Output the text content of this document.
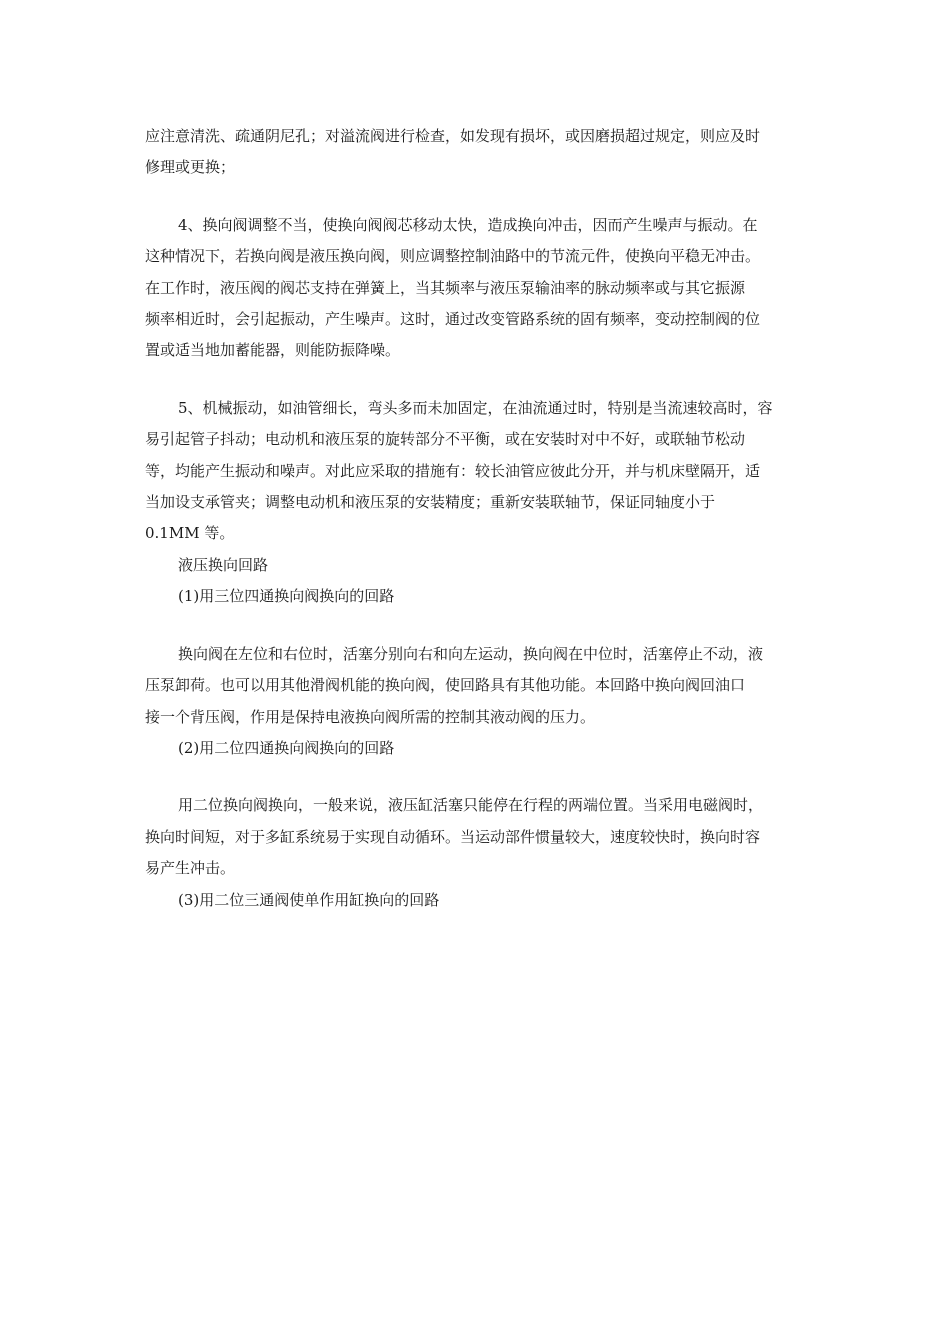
应注意清洗、疏通阴尼孔；对溢流阀进行检查，如发现有损坏，或因磨损超过规定，则应及时
修理或更换；

4、换向阀调整不当，使换向阀阀芯移动太快，造成换向冲击，因而产生噪声与振动。在
这种情况下，若换向阀是液压换向阀，则应调整控制油路中的节流元件，使换向平稳无冲击。
在工作时，液压阀的阀芯支持在弹簧上，当其频率与液压泵输油率的脉动频率或与其它振源
频率相近时，会引起振动，产生噪声。这时，通过改变管路系统的固有频率，变动控制阀的位
置或适当地加蓄能器，则能防振降噪。

5、机械振动，如油管细长，弯头多而未加固定，在油流通过时，特别是当流速较高时，容
易引起管子抖动；电动机和液压泵的旋转部分不平衡，或在安装时对中不好，或联轴节松动
等，均能产生振动和噪声。对此应采取的措施有：较长油管应彼此分开，并与机床壁隔开，适
当加设支承管夹；调整电动机和液压泵的安装精度；重新安装联轴节，保证同轴度小于
0.1MM 等。

液压换向回路

(1)用三位四通换向阀换向的回路

换向阀在左位和右位时，活塞分别向右和向左运动，换向阀在中位时，活塞停止不动，液
压泵卸荷。也可以用其他滑阀机能的换向阀，使回路具有其他功能。本回路中换向阀回油口
接一个背压阀，作用是保持电液换向阀所需的控制其液动阀的压力。

(2)用二位四通换向阀换向的回路

用二位换向阀换向，一般来说，液压缸活塞只能停在行程的两端位置。当采用电磁阀时，
换向时间短，对于多缸系统易于实现自动循环。当运动部件惯量较大，速度较快时，换向时容
易产生冲击。

(3)用二位三通阀使单作用缸换向的回路
